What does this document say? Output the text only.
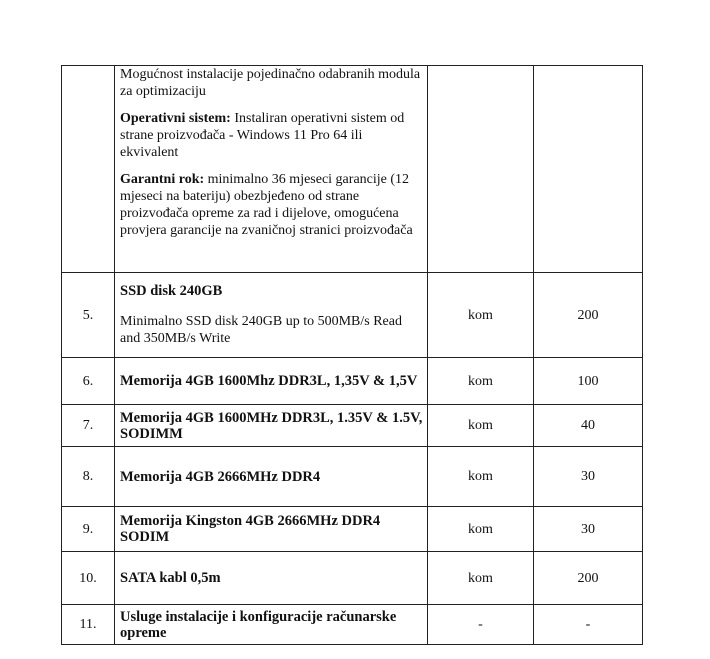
	Mogućnost instalacije pojedinačno odabranih modula za optimizaciju

Operativni sistem: Instaliran operativni sistem od strane proizvođača - Windows 11 Pro 64 ili ekvivalent

Garantni rok: minimalno 36 mjeseci garancije (12 mjeseci na bateriju) obezbjeđeno od strane proizvođača opreme za rad i dijelove, omogućena provjera garancije na zvaničnoj stranici proizvođača		

5.	SSD disk 240GB
Minimalno SSD disk 240GB up to 500MB/s Read and 350MB/s Write	kom	200
6.	Memorija 4GB 1600Mhz DDR3L, 1,35V & 1,5V	kom	100
7.	Memorija 4GB 1600MHz DDR3L, 1.35V & 1.5V, SODIMM	kom	40
8.	Memorija 4GB 2666MHz DDR4	kom	30
9.	Memorija Kingston 4GB 2666MHz DDR4 SODIM	kom	30
10.	SATA kabl 0,5m	kom	200
11.	Usluge instalacije i konfiguracije računarske opreme	-	-
